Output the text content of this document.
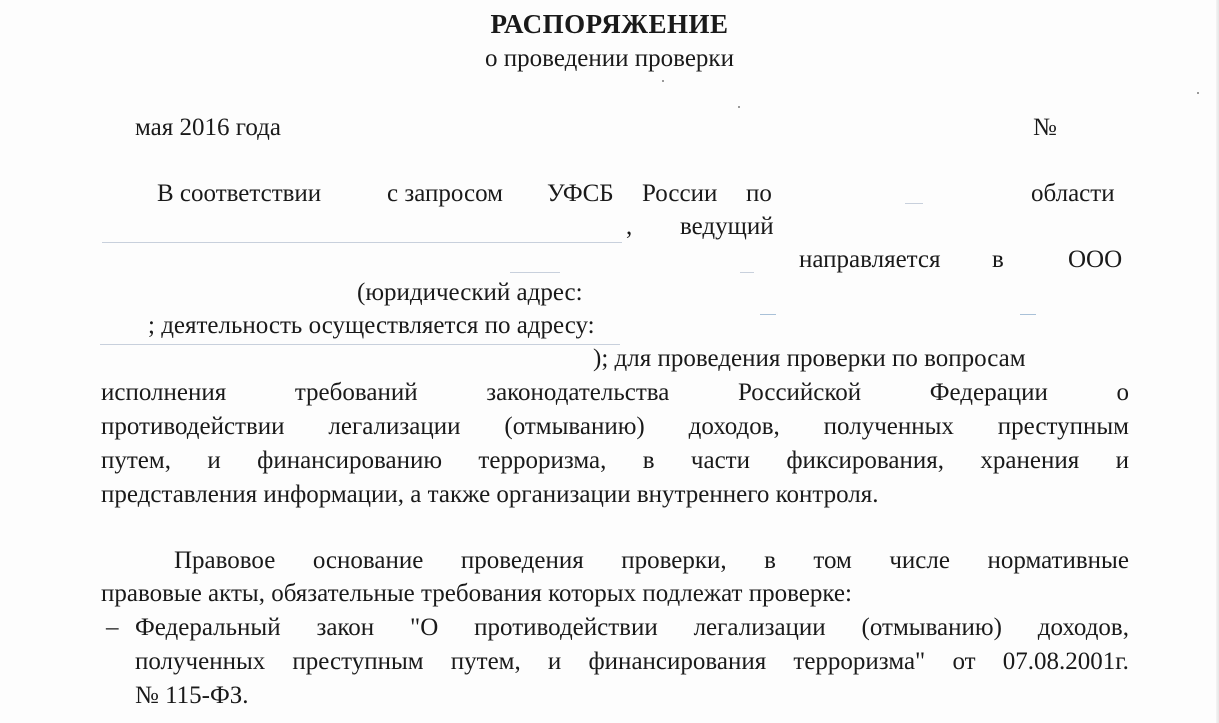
РАСПОРЯЖЕНИЕ
о проведении проверки
мая 2016 года	№
В соответствии	с запросом УФСБ России по	области
, ведущий
направляется в	ООО
(юридический адрес:
; деятельность осуществляется по адресу:
); для проведения проверки по вопросам
исполнения	требований	законодательства	Российской	Федерации	о
противодействии легализации (отмыванию) доходов, полученных преступным
путем, и финансированию терроризма, в части фиксирования, хранения и
представления информации, а также организации внутреннего контроля.
Правовое основание проведения проверки, в том числе нормативные
правовые акты, обязательные требования которых подлежат проверке:
– Федеральный закон "О противодействии легализации (отмыванию) доходов,
полученных преступным путем, и финансирования терроризма" от 07.08.2001г.
№ 115-ФЗ.
